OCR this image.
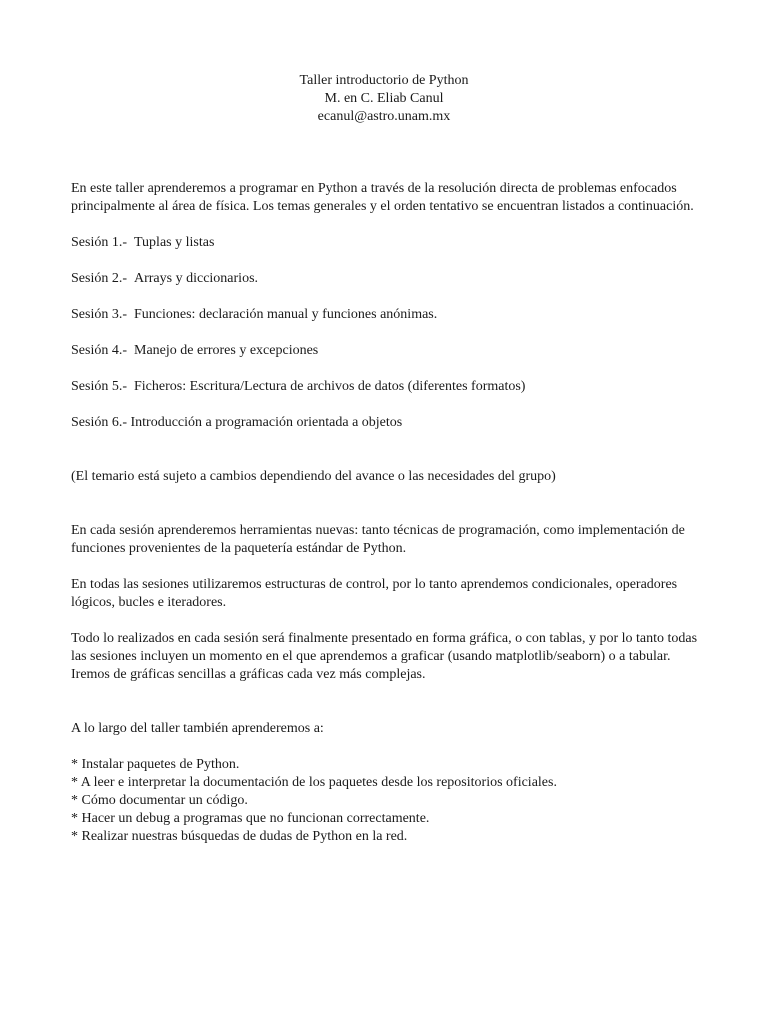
Taller introductorio de Python
M. en C. Eliab Canul
ecanul@astro.unam.mx

En este taller aprenderemos a programar en Python a través de la resolución directa de problemas enfocados principalmente al área de física. Los temas generales y el orden tentativo se encuentran listados a continuación.

Sesión 1.- Tuplas y listas
Sesión 2.- Arrays y diccionarios.
Sesión 3.- Funciones: declaración manual y funciones anónimas.
Sesión 4.- Manejo de errores y excepciones
Sesión 5.- Ficheros: Escritura/Lectura de archivos de datos (diferentes formatos)
Sesión 6.- Introducción a programación orientada a objetos

(El temario está sujeto a cambios dependiendo del avance o las necesidades del grupo)

En cada sesión aprenderemos herramientas nuevas: tanto técnicas de programación, como implementación de funciones provenientes de la paquetería estándar de Python.

En todas las sesiones utilizaremos estructuras de control, por lo tanto aprendemos condicionales, operadores lógicos, bucles e iteradores.

Todo lo realizados en cada sesión será finalmente presentado en forma gráfica, o con tablas, y por lo tanto todas las sesiones incluyen un momento en el que aprendemos a graficar (usando matplotlib/seaborn) o a tabular. Iremos de gráficas sencillas a gráficas cada vez más complejas.

A lo largo del taller también aprenderemos a:

* Instalar paquetes de Python.
* A leer e interpretar la documentación de los paquetes desde los repositorios oficiales.
* Cómo documentar un código.
* Hacer un debug a programas que no funcionan correctamente.
* Realizar nuestras búsquedas de dudas de Python en la red.
